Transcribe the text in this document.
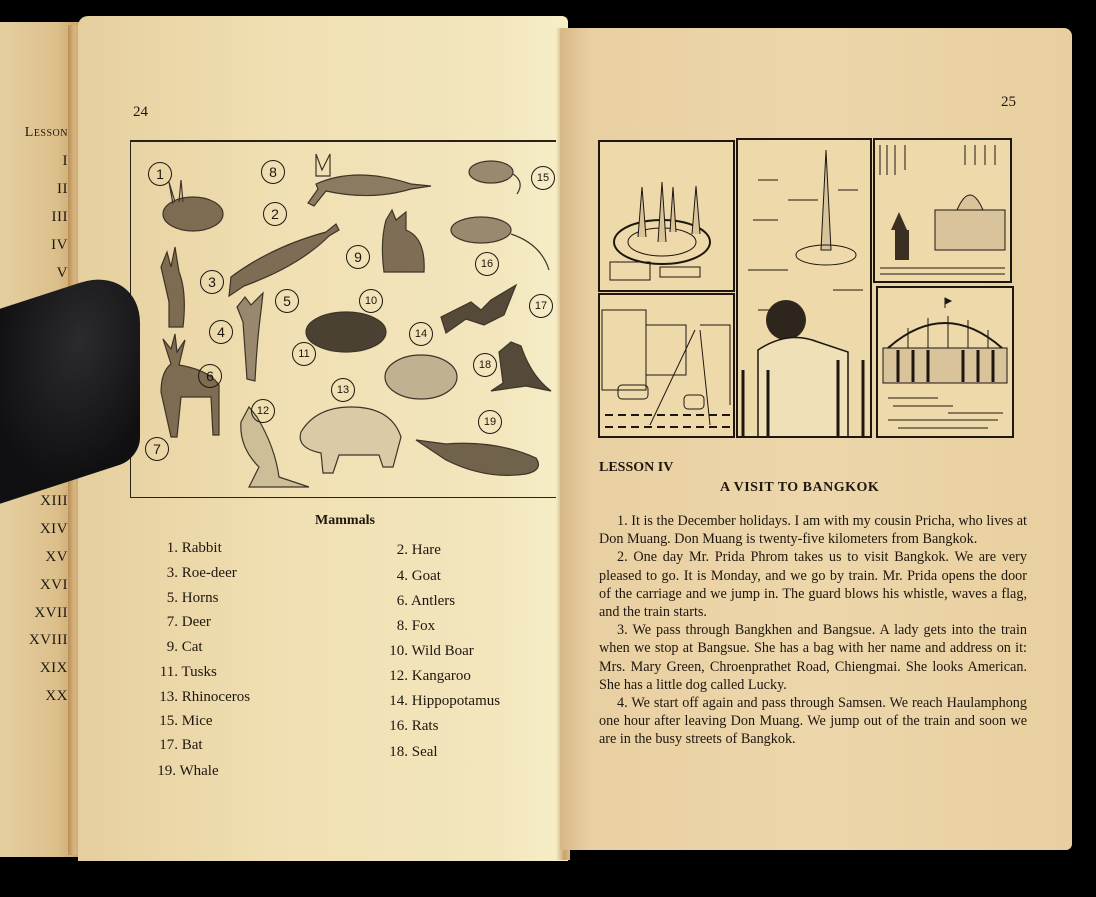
Lesson
I
II
III
IV
V
XIII
XIV
XV
XVI
XVII
XVIII
XIX
XX
24
1	8	15
2
9	16
3
5	10	17
4	14
11
18
6
13
12
19
7
Mammals
1. Rabbit
3. Roe-deer
5. Horns
7. Deer
9. Cat
11. Tusks
13. Rhinoceros
15. Mice
17. Bat
19. Whale
2. Hare
4. Goat
6. Antlers
8. Fox
10. Wild Boar
12. Kangaroo
14. Hippopotamus
16. Rats
18. Seal
25
LESSON IV
A VISIT TO BANGKOK

1. It is the December holidays. I am with my cousin Pricha, who lives at Don Muang. Don Muang is twenty-five kilometers from Bangkok.

2. One day Mr. Prida Phrom takes us to visit Bangkok. We are very pleased to go. It is Monday, and we go by train. Mr. Prida opens the door of the carriage and we jump in. The guard blows his whistle, waves a flag, and the train starts.

3. We pass through Bangkhen and Bangsue. A lady gets into the train when we stop at Bangsue. She has a bag with her name and address on it: Mrs. Mary Green, Chroenprathet Road, Chiengmai. She looks American. She has a little dog called Lucky.

4. We start off again and pass through Samsen. We reach Haulamphong one hour after leaving Don Muang. We jump out of the train and soon we are in the busy streets of Bangkok.
